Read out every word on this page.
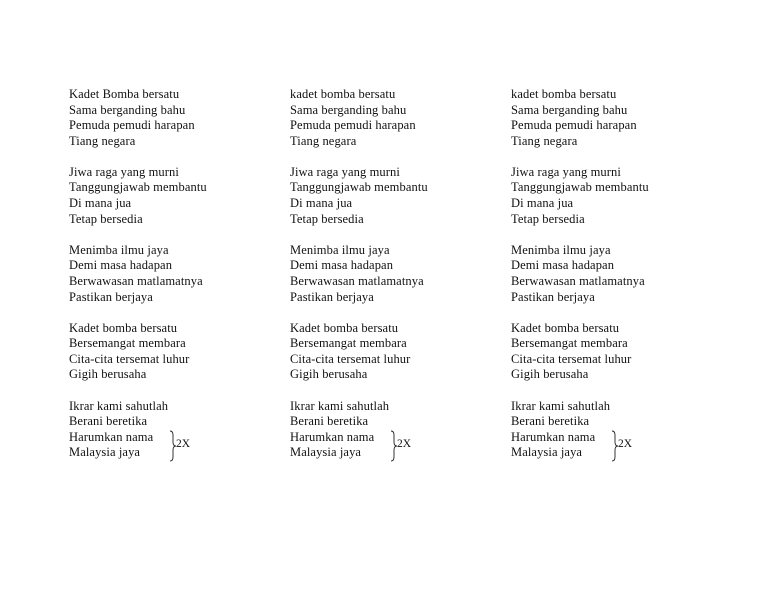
Kadet Bomba bersatu
Sama berganding bahu
Pemuda pemudi harapan
Tiang negara
Jiwa raga yang murni
Tanggungjawab membantu
Di mana jua
Tetap bersedia
Menimba ilmu jaya
Demi masa hadapan
Berwawasan matlamatnya
Pastikan berjaya
Kadet bomba bersatu
Bersemangat membara
Cita-cita tersemat luhur
Gigih berusaha
Ikrar kami sahutlah
Berani beretika
Harumkan nama
Malaysia jaya
2X
kadet bomba bersatu
Sama berganding bahu
Pemuda pemudi harapan
Tiang negara
Jiwa raga yang murni
Tanggungjawab membantu
Di mana jua
Tetap bersedia
Menimba ilmu jaya
Demi masa hadapan
Berwawasan matlamatnya
Pastikan berjaya
Kadet bomba bersatu
Bersemangat membara
Cita-cita tersemat luhur
Gigih berusaha
Ikrar kami sahutlah
Berani beretika
Harumkan nama
Malaysia jaya
2X
kadet bomba bersatu
Sama berganding bahu
Pemuda pemudi harapan
Tiang negara
Jiwa raga yang murni
Tanggungjawab membantu
Di mana jua
Tetap bersedia
Menimba ilmu jaya
Demi masa hadapan
Berwawasan matlamatnya
Pastikan berjaya
Kadet bomba bersatu
Bersemangat membara
Cita-cita tersemat luhur
Gigih berusaha
Ikrar kami sahutlah
Berani beretika
Harumkan nama
Malaysia jaya
2X
